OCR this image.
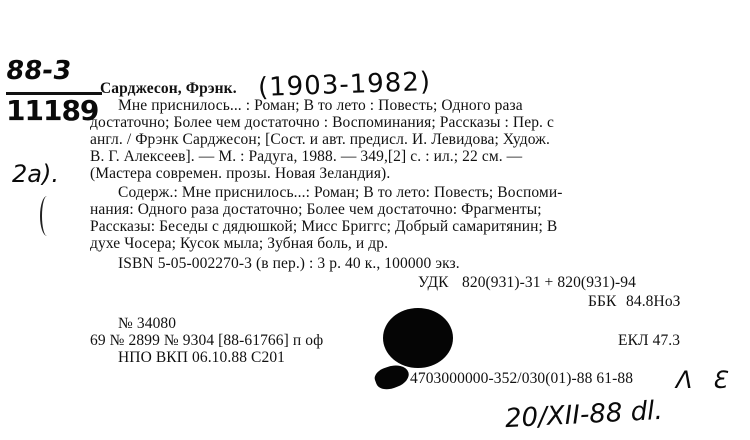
88-3
11189
(1903-1982)
2a).
Λ Ɛ
20/XII-88 dl.
Сарджесон, Фрэнк.
Мне приснилось... : Роман; В то лето : Повесть; Одного раза
достаточно; Более чем достаточно : Воспоминания; Рассказы : Пер. с
англ. / Фрэнк Сарджесон; [Сост. и авт. предисл. И. Левидова; Худож.
В. Г. Алексеев]. — М. : Радуга, 1988. — 349,[2] с. : ил.; 22 см. —
(Мастера современ. прозы. Новая Зеландия).
Содерж.: Мне приснилось...: Роман; В то лето: Повесть; Воспоми-
нания: Одного раза достаточно; Более чем достаточно: Фрагменты;
Рассказы: Беседы с дядюшкой; Мисс Бриггс; Добрый самаритянин; В
духе Чосера; Кусок мыла; Зубная боль, и др.
ISBN 5-05-002270-3 (в пер.) : 3 р. 40 к., 100000 экз.
УДК 820(931)-31 + 820(931)-94
ББК 84.8НоЗ
№ 34080
69 № 2899 № 9304 [88-61766] п оф	ЕКЛ 47.3
НПО ВКП 06.10.88 С201
4703000000-352/030(01)-88 61-88
